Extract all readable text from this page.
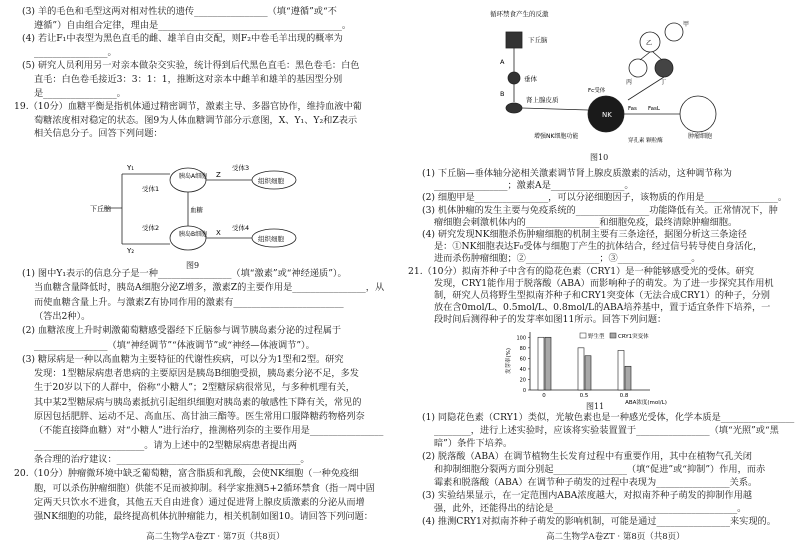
(3) 羊的毛色和毛型这两对相对性状的遗传________________（填“遵循”或“不
遵循”）自由组合定律，理由是________________________________________。
(4) 若让F₁中表型为黑色直毛的雌、雄羊自由交配，则F₂中卷毛羊出现的概率为
________________。
(5) 研究人员利用另一对亲本做杂交实验，统计得到后代黑色直毛：黑色卷毛：白色
直毛：白色卷毛接近3：3：1：1，推断这对亲本中雌羊和雄羊的基因型分别
是________________。
19.（10分）血糖平衡是指机体通过精密调节，激素主导、多器官协作，维持血液中葡
萄糖浓度相对稳定的状态。图9为人体血糖调节部分示意图，X、Y₁、Y₂和Z表示
相关信息分子。回答下列问题：
下丘脑
Y₁
Y₂
受体1
受体2
胰岛A细胞
胰岛B细胞
血糖
Z
X
受体3
受体4
组织细胞
组织细胞
图9
(1) 图中Y₁表示的信息分子是一种________________（填“激素”或“神经递质”）。
当血糖含量降低时，胰岛A细胞分泌Z增多，激素Z的主要作用是________________，从
而使血糖含量上升。与激素Z有协同作用的激素有________________________
（答出2种）。
(2) 血糖浓度上升时刺激葡萄糖感受器经下丘脑参与调节胰岛素分泌的过程属于
________________（填“神经调节”“体液调节”或“神经—体液调节”）。
(3) 糖尿病是一种以高血糖为主要特征的代谢性疾病，可以分为1型和2型。研究
发现：1型糖尿病患者患病的主要原因是胰岛B细胞受损，胰岛素分泌不足，多发
生于20岁以下的人群中，俗称“小糖人”；2型糖尿病很常见，与多种机理有关，
其中某2型糖尿病与胰岛素抵抗引起组织细胞对胰岛素的敏感性下降有关，常见的
原因包括肥胖、运动不足、高血压、高甘油三酯等。医生常用口服降糖药物格列奈
（不能直接降血糖）对“小糖人”进行治疗，推测格列奈的主要作用是________________
________________________。请为上述中的2型糖尿病患者提出两
条合理的治疗建议：________________________________________。
20.（10分）肿瘤微环境中缺乏葡萄糖，富含脂质和乳酸，会使NK细胞（一种免疫细
胞，可以杀伤肿瘤细胞）供能不足而被抑制。科学家推测5+2循环禁食（指一周中固
定两天只饮水不进食，其他五天自由进食）通过促进肾上腺皮质激素的分泌从而增
强NK细胞的功能，最终提高机体抗肿瘤能力，相关机制如图10。请回答下列问题：
高二生物学A卷ZT · 第7页（共8页）
循环禁食产生的反激
下丘脑
A
垂体
B
肾上腺皮质
NK
乙
甲
丙	丁
Fc受体
Fas FasL
肿瘤细胞
增强NK细胞功能
穿孔素 颗粒酶
图10
(1) 下丘脑—垂体轴分泌相关激素调节肾上腺皮质激素的活动，这种调节称为
________________；激素A是________________。
(2) 细胞甲是________________，可以分泌细胞因子，该物质的作用是________________。
(3) 机体肿瘤的发生主要与免疫系统的________________功能降低有关。正常情况下，肿
瘤细胞会刺激机体内的________________和细胞免疫，最终清除肿瘤细胞。
(4) 研究发现NK细胞杀伤肿瘤细胞的机制主要有三条途径，据图分析这三条途径
是：①NK细胞表达F₀受体与细胞丁产生的抗体结合，经过信号转导使自身活化，
进而杀伤肿瘤细胞；②________________；③________________。
21.（10分）拟南芥种子中含有的隐花色素（CRY1）是一种能够感受光的受体。研究
发现，CRY1能作用于脱落酸（ABA）而影响种子的萌发。为了进一步探究其作用机
制，研究人员将野生型拟南芥种子和CRY1突变体（无法合成CRY1）的种子，分别
放在含0mol/L、0.5mol/L、0.8mol/L的ABA培养基中，置于适宜条件下培养，一
段时间后测得种子的发芽率如图11所示。回答下列问题：
0
20
40
60
80
100
发芽率(%)
0	0.5	0.8
ABA浓度(mol/L)
野生型 CRY1突变体
图11
(1) 同隐花色素（CRY1）类似，光敏色素也是一种感光受体，化学本质是________________
________，进行上述实验时，应该将实验装置置于________________（填“光照”或“黑
暗”）条件下培养。
(2) 脱落酸（ABA）在调节植物生长发育过程中有重要作用，其中在植物气孔关闭
和抑制细胞分裂两方面分别起________________（填“促进”或“抑制”）作用，而赤
霉素和脱落酸（ABA）在调节种子萌发的过程中表现为________________关系。
(3) 实验结果显示，在一定范围内ABA浓度越大，对拟南芥种子萌发的抑制作用越
强，此外，还能得出的结论是________________________________________。
(4) 推测CRY1对拟南芥种子萌发的影响机制，可能是通过________________来实现的。
高二生物学A卷ZT · 第8页（共8页）
